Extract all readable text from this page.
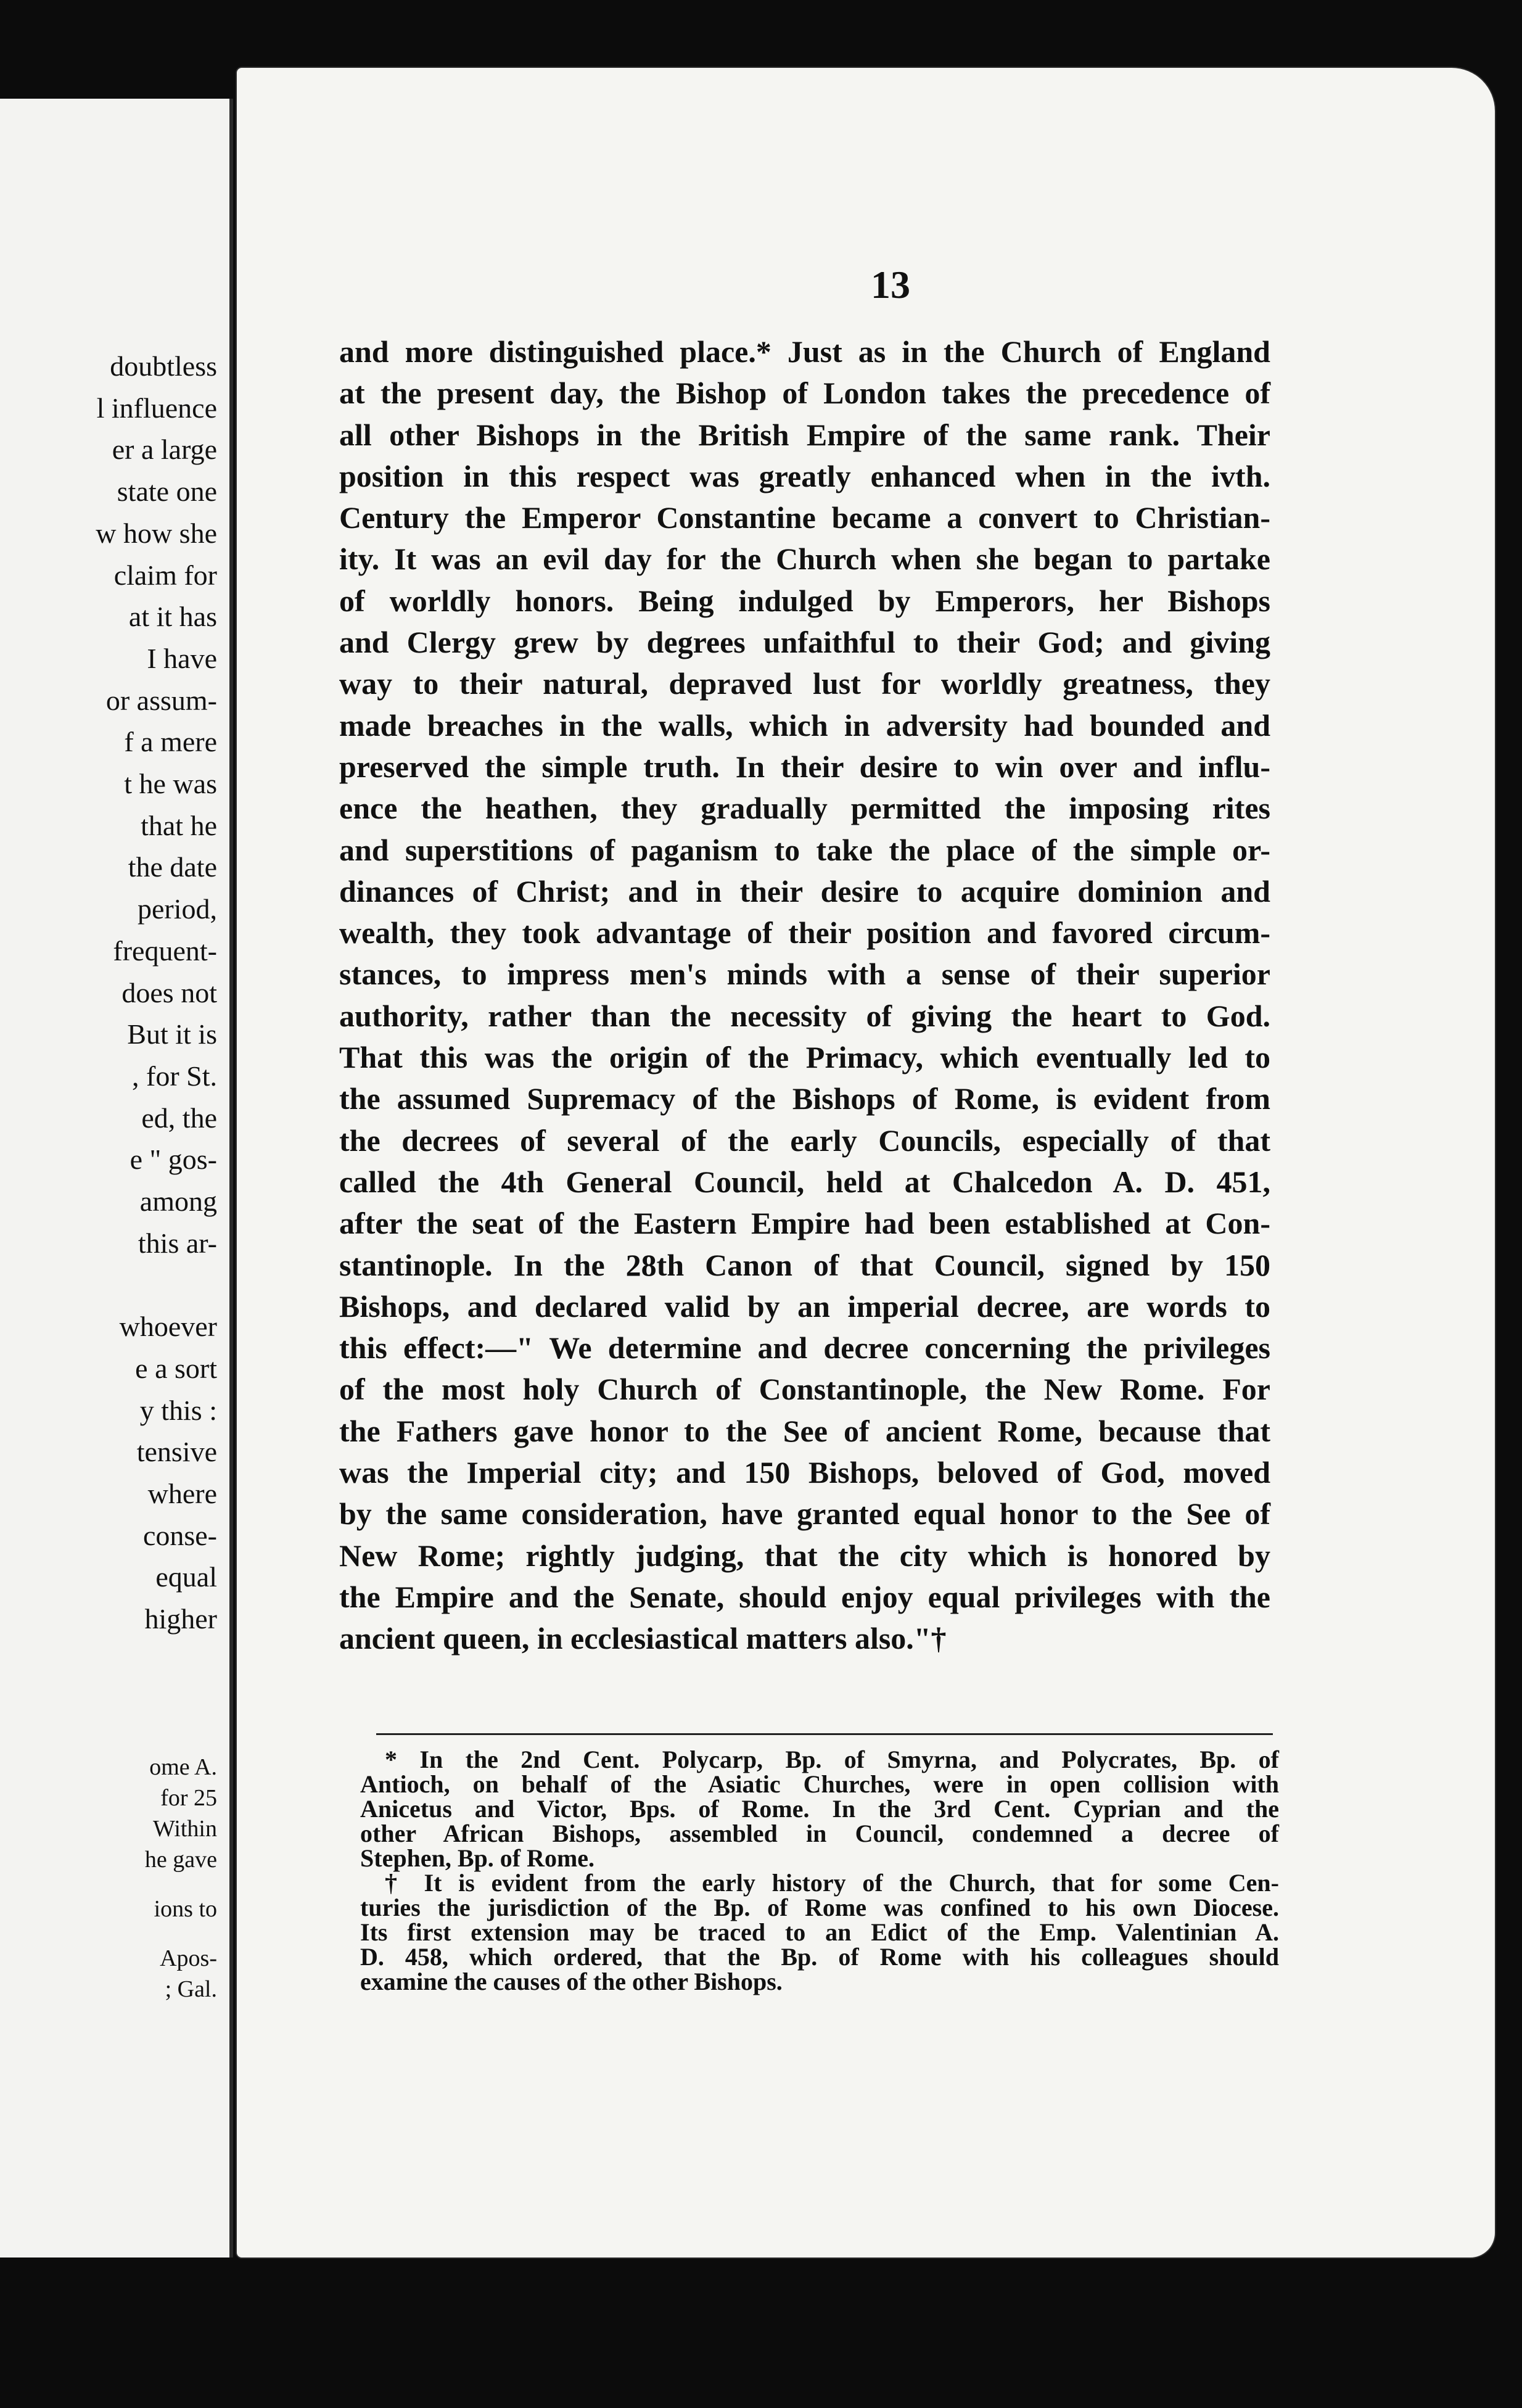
doubtless
l influence
er a large
state one
w how she
claim for
at it has
I have
or assum-
f a mere
t he was
that he
the date
period,
frequent-
does not
But it is
, for St.
ed, the
e " gos-
among
this ar-
whoever
e a sort
y this :
tensive
where
conse-
equal
higher
ome A.
for 25
Within
he gave
ions to
Apos-
; Gal.
13
and more distinguished place.* Just as in the Church of England
at the present day, the Bishop of London takes the precedence of
all other Bishops in the British Empire of the same rank. Their
position in this respect was greatly enhanced when in the ivth.
Century the Emperor Constantine became a convert to Christian-
ity. It was an evil day for the Church when she began to partake
of worldly honors. Being indulged by Emperors, her Bishops
and Clergy grew by degrees unfaithful to their God; and giving
way to their natural, depraved lust for worldly greatness, they
made breaches in the walls, which in adversity had bounded and
preserved the simple truth. In their desire to win over and influ-
ence the heathen, they gradually permitted the imposing rites
and superstitions of paganism to take the place of the simple or-
dinances of Christ; and in their desire to acquire dominion and
wealth, they took advantage of their position and favored circum-
stances, to impress men's minds with a sense of their superior
authority, rather than the necessity of giving the heart to God.
That this was the origin of the Primacy, which eventually led to
the assumed Supremacy of the Bishops of Rome, is evident from
the decrees of several of the early Councils, especially of that
called the 4th General Council, held at Chalcedon A. D. 451,
after the seat of the Eastern Empire had been established at Con-
stantinople. In the 28th Canon of that Council, signed by 150
Bishops, and declared valid by an imperial decree, are words to
this effect:—" We determine and decree concerning the privileges
of the most holy Church of Constantinople, the New Rome. For
the Fathers gave honor to the See of ancient Rome, because that
was the Imperial city; and 150 Bishops, beloved of God, moved
by the same consideration, have granted equal honor to the See of
New Rome; rightly judging, that the city which is honored by
the Empire and the Senate, should enjoy equal privileges with the
ancient queen, in ecclesiastical matters also."†
* In the 2nd Cent. Polycarp, Bp. of Smyrna, and Polycrates, Bp. of
Antioch, on behalf of the Asiatic Churches, were in open collision with
Anicetus and Victor, Bps. of Rome. In the 3rd Cent. Cyprian and the
other African Bishops, assembled in Council, condemned a decree of
Stephen, Bp. of Rome.
† It is evident from the early history of the Church, that for some Cen-
turies the jurisdiction of the Bp. of Rome was confined to his own Diocese.
Its first extension may be traced to an Edict of the Emp. Valentinian A.
D. 458, which ordered, that the Bp. of Rome with his colleagues should
examine the causes of the other Bishops.
